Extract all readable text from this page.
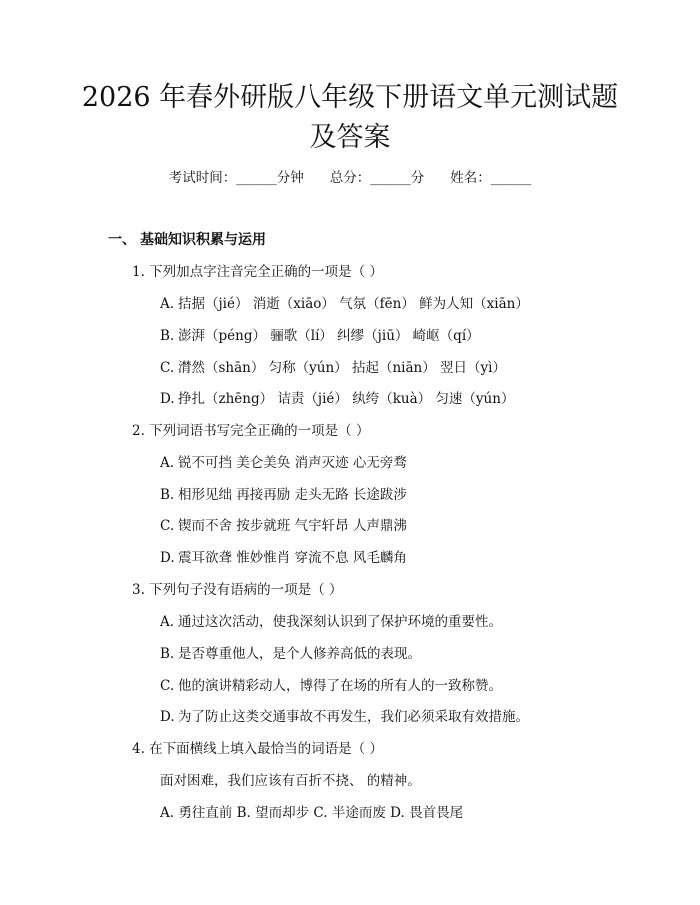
2026 年春外研版八年级下册语文单元测试题
及答案
考试时间：______分钟 总分：______分 姓名：______
一、 基础知识积累与运用
1. 下列加点字注音完全正确的一项是（ ）
A. 拮据（jié） 消逝（xiāo） 气氛（fēn） 鲜为人知（xiān）
B. 澎湃（péng） 骊歌（lí） 纠缪（jiū） 崎岖（qí）
C. 潸然（shān） 匀称（yún） 拈起（niān） 翌日（yì）
D. 挣扎（zhēng） 诘责（jié） 纨绔（kuà） 匀速（yún）
2. 下列词语书写完全正确的一项是（ ）
A. 锐不可挡 美仑美奂 消声灭迹 心无旁骛
B. 相形见绌 再接再励 走头无路 长途跋涉
C. 锲而不舍 按步就班 气宇轩昂 人声鼎沸
D. 震耳欲聋 惟妙惟肖 穿流不息 风毛麟角
3. 下列句子没有语病的一项是（ ）
A. 通过这次活动，使我深刻认识到了保护环境的重要性。
B. 是否尊重他人，是个人修养高低的表现。
C. 他的演讲精彩动人，博得了在场的所有人的一致称赞。
D. 为了防止这类交通事故不再发生，我们必须采取有效措施。
4. 在下面横线上填入最恰当的词语是（ ）
面对困难，我们应该有百折不挠、 的精神。
A. 勇往直前 B. 望而却步 C. 半途而废 D. 畏首畏尾
